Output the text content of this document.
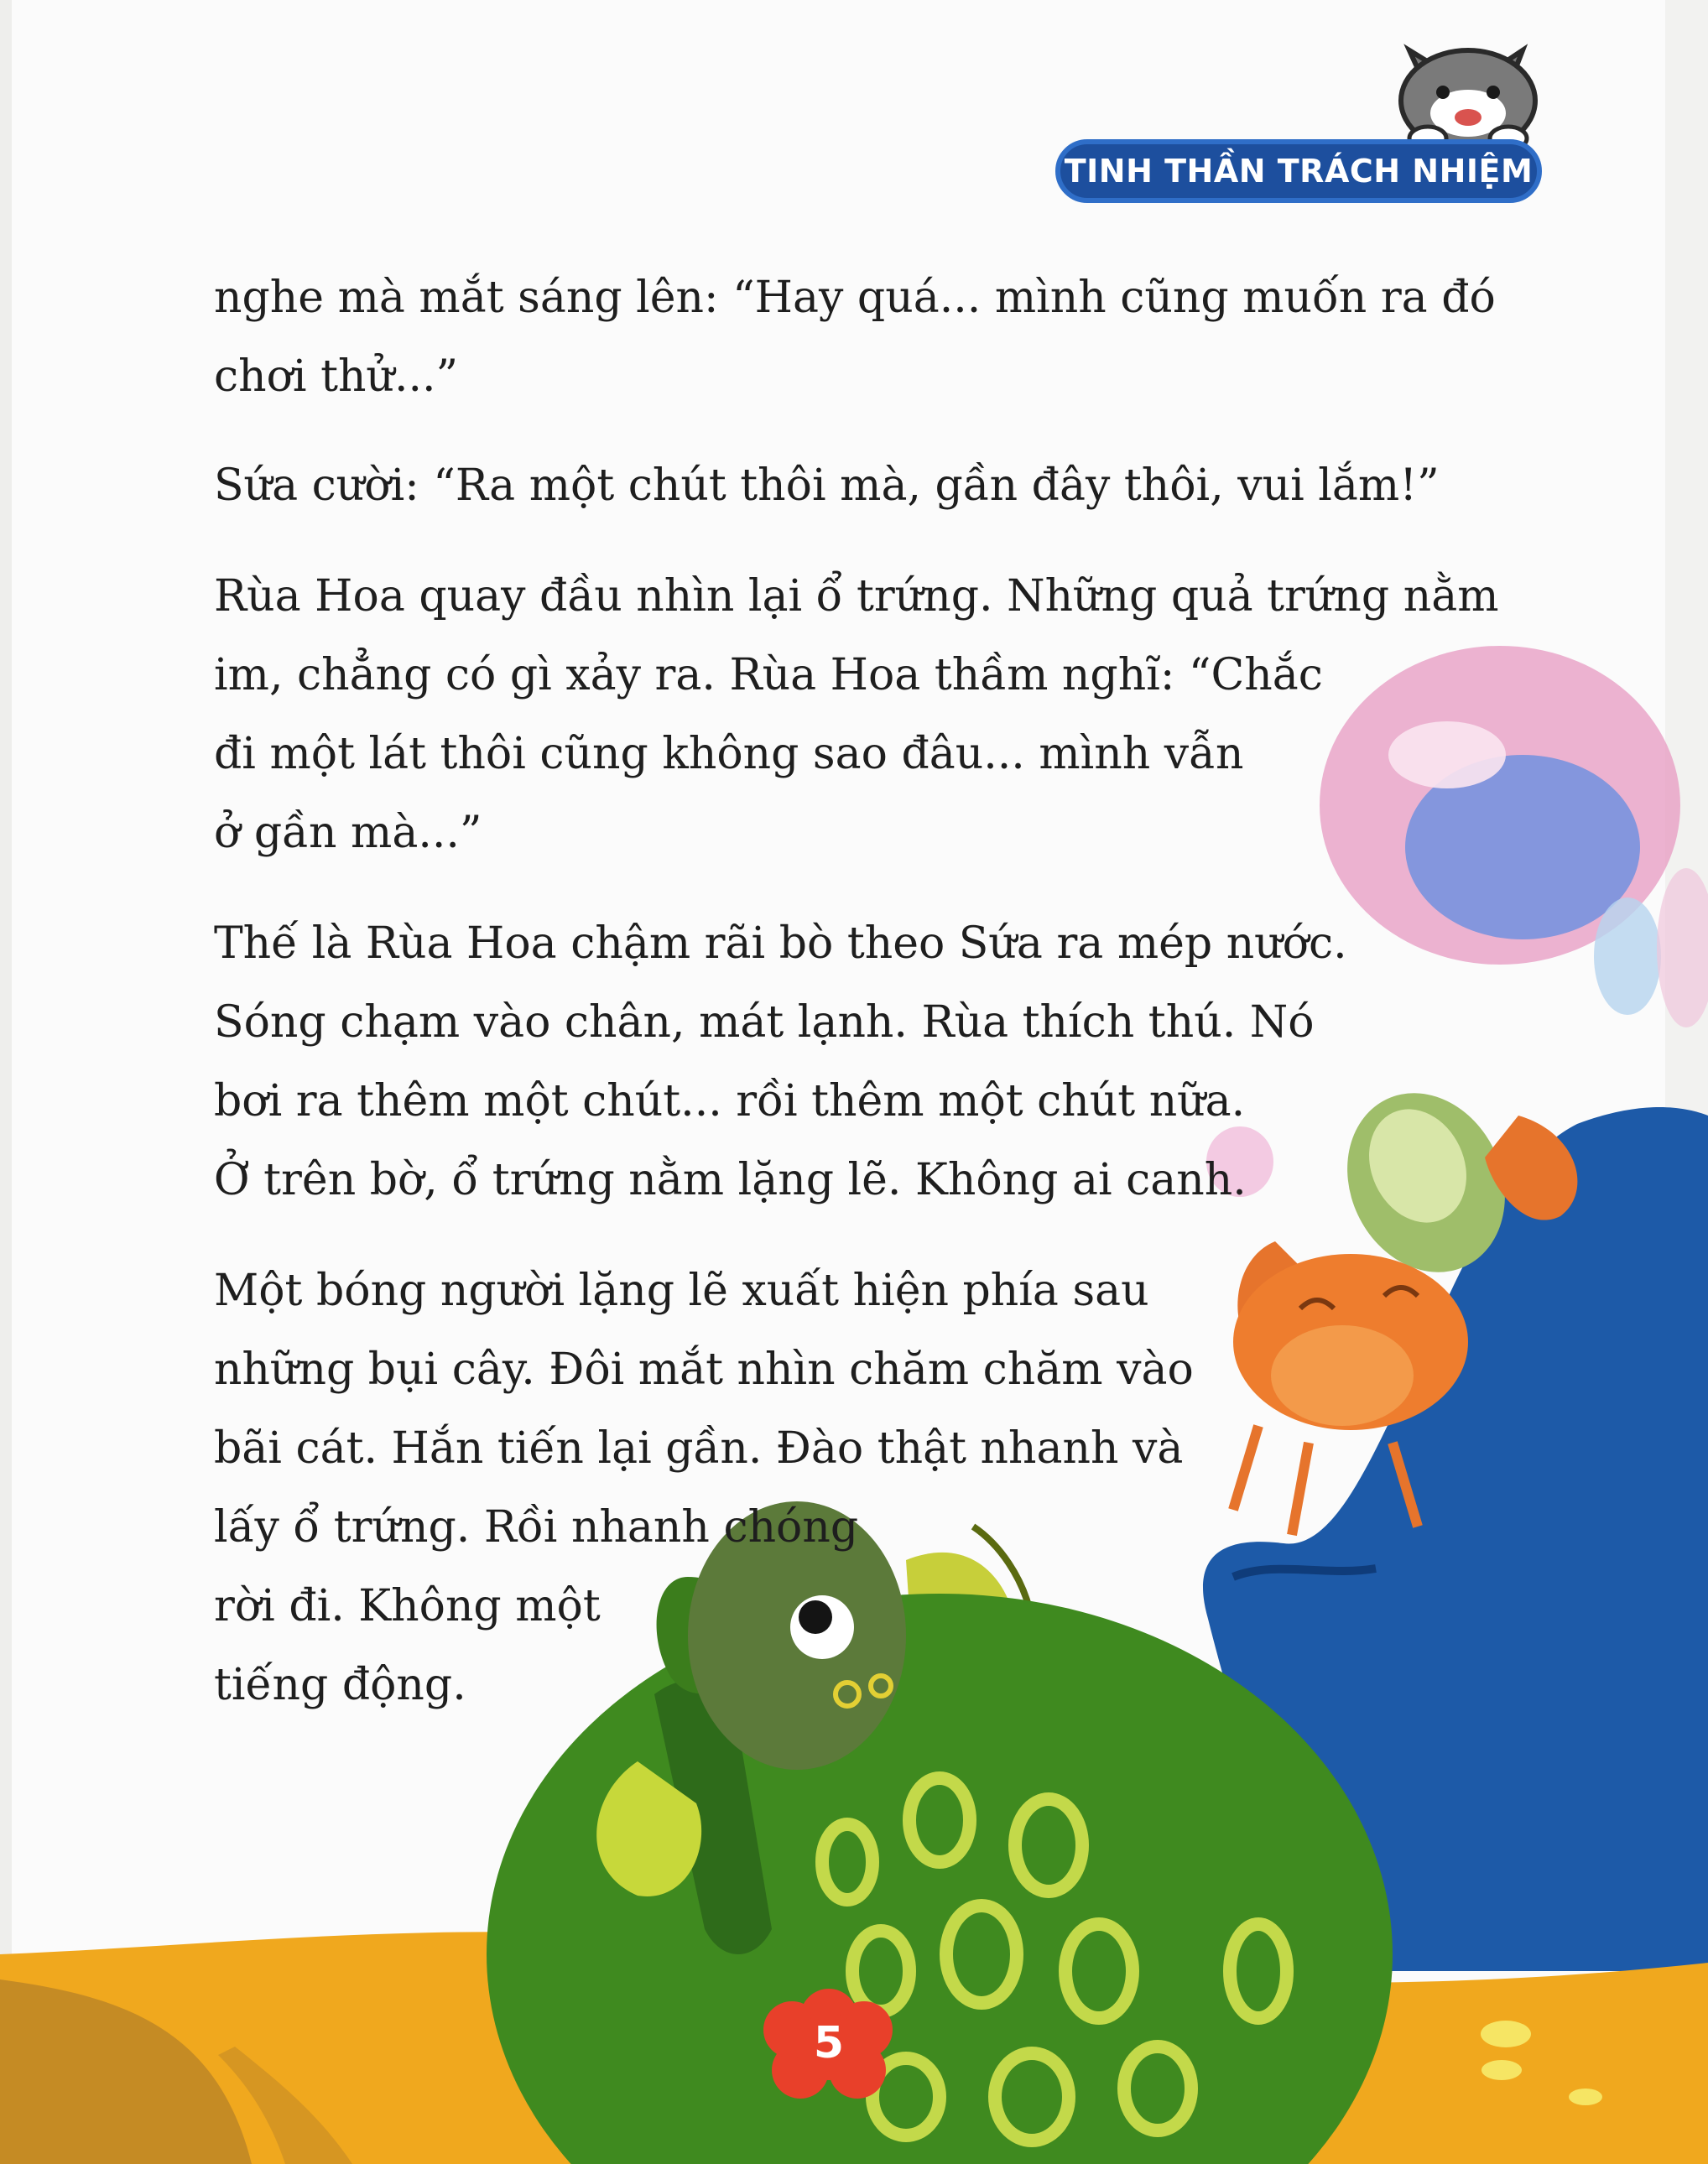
TINH THẦN TRÁCH NHIỆM
nghe mà mắt sáng lên: “Hay quá... mình cũng muốn ra đó
chơi thử...”
Sứa cười: “Ra một chút thôi mà, gần đây thôi, vui lắm!”
Rùa Hoa quay đầu nhìn lại ổ trứng. Những quả trứng nằm
im, chẳng có gì xảy ra. Rùa Hoa thầm nghĩ: “Chắc
đi một lát thôi cũng không sao đâu... mình vẫn
ở gần mà...”
Thế là Rùa Hoa chậm rãi bò theo Sứa ra mép nước.
Sóng chạm vào chân, mát lạnh. Rùa thích thú. Nó
bơi ra thêm một chút... rồi thêm một chút nữa.
Ở trên bờ, ổ trứng nằm lặng lẽ. Không ai canh.
Một bóng người lặng lẽ xuất hiện phía sau
những bụi cây. Đôi mắt nhìn chăm chăm vào
bãi cát. Hắn tiến lại gần. Đào thật nhanh và
lấy ổ trứng. Rồi nhanh chóng
rời đi. Không một
tiếng động.
5
